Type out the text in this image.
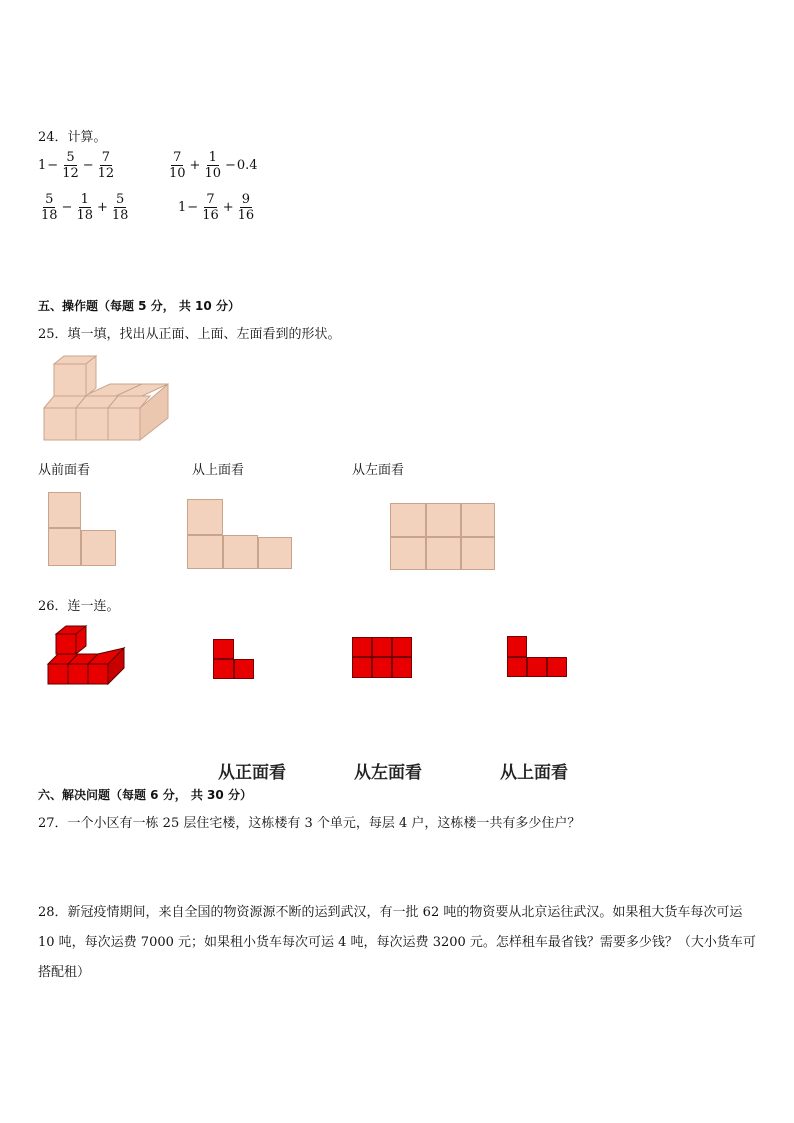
24．计算。
$1 - \frac{5}{12} - \frac{7}{12}$	$\frac{7}{10} + \frac{1}{10} - 0.4$
$\frac{5}{18} - \frac{1}{18} + \frac{5}{18}$	$1 - \frac{7}{16} + \frac{9}{16}$
五、操作题（每题 5 分， 共 10 分）
25．填一填，找出从正面、上面、左面看到的形状。
从前面看	从上面看	从左面看
26．连一连。
从正面看	从左面看	从上面看
六、解决问题（每题 6 分， 共 30 分）
27．一个小区有一栋 25 层住宅楼，这栋楼有 3 个单元，每层 4 户，这栋楼一共有多少住户？
28．新冠疫情期间，来自全国的物资源源不断的运到武汉，有一批 62 吨的物资要从北京运往武汉。如果租大货车每次可运 10 吨，每次运费 7000 元；如果租小货车每次可运 4 吨，每次运费 3200 元。怎样租车最省钱？需要多少钱？（大小货车可搭配租）
